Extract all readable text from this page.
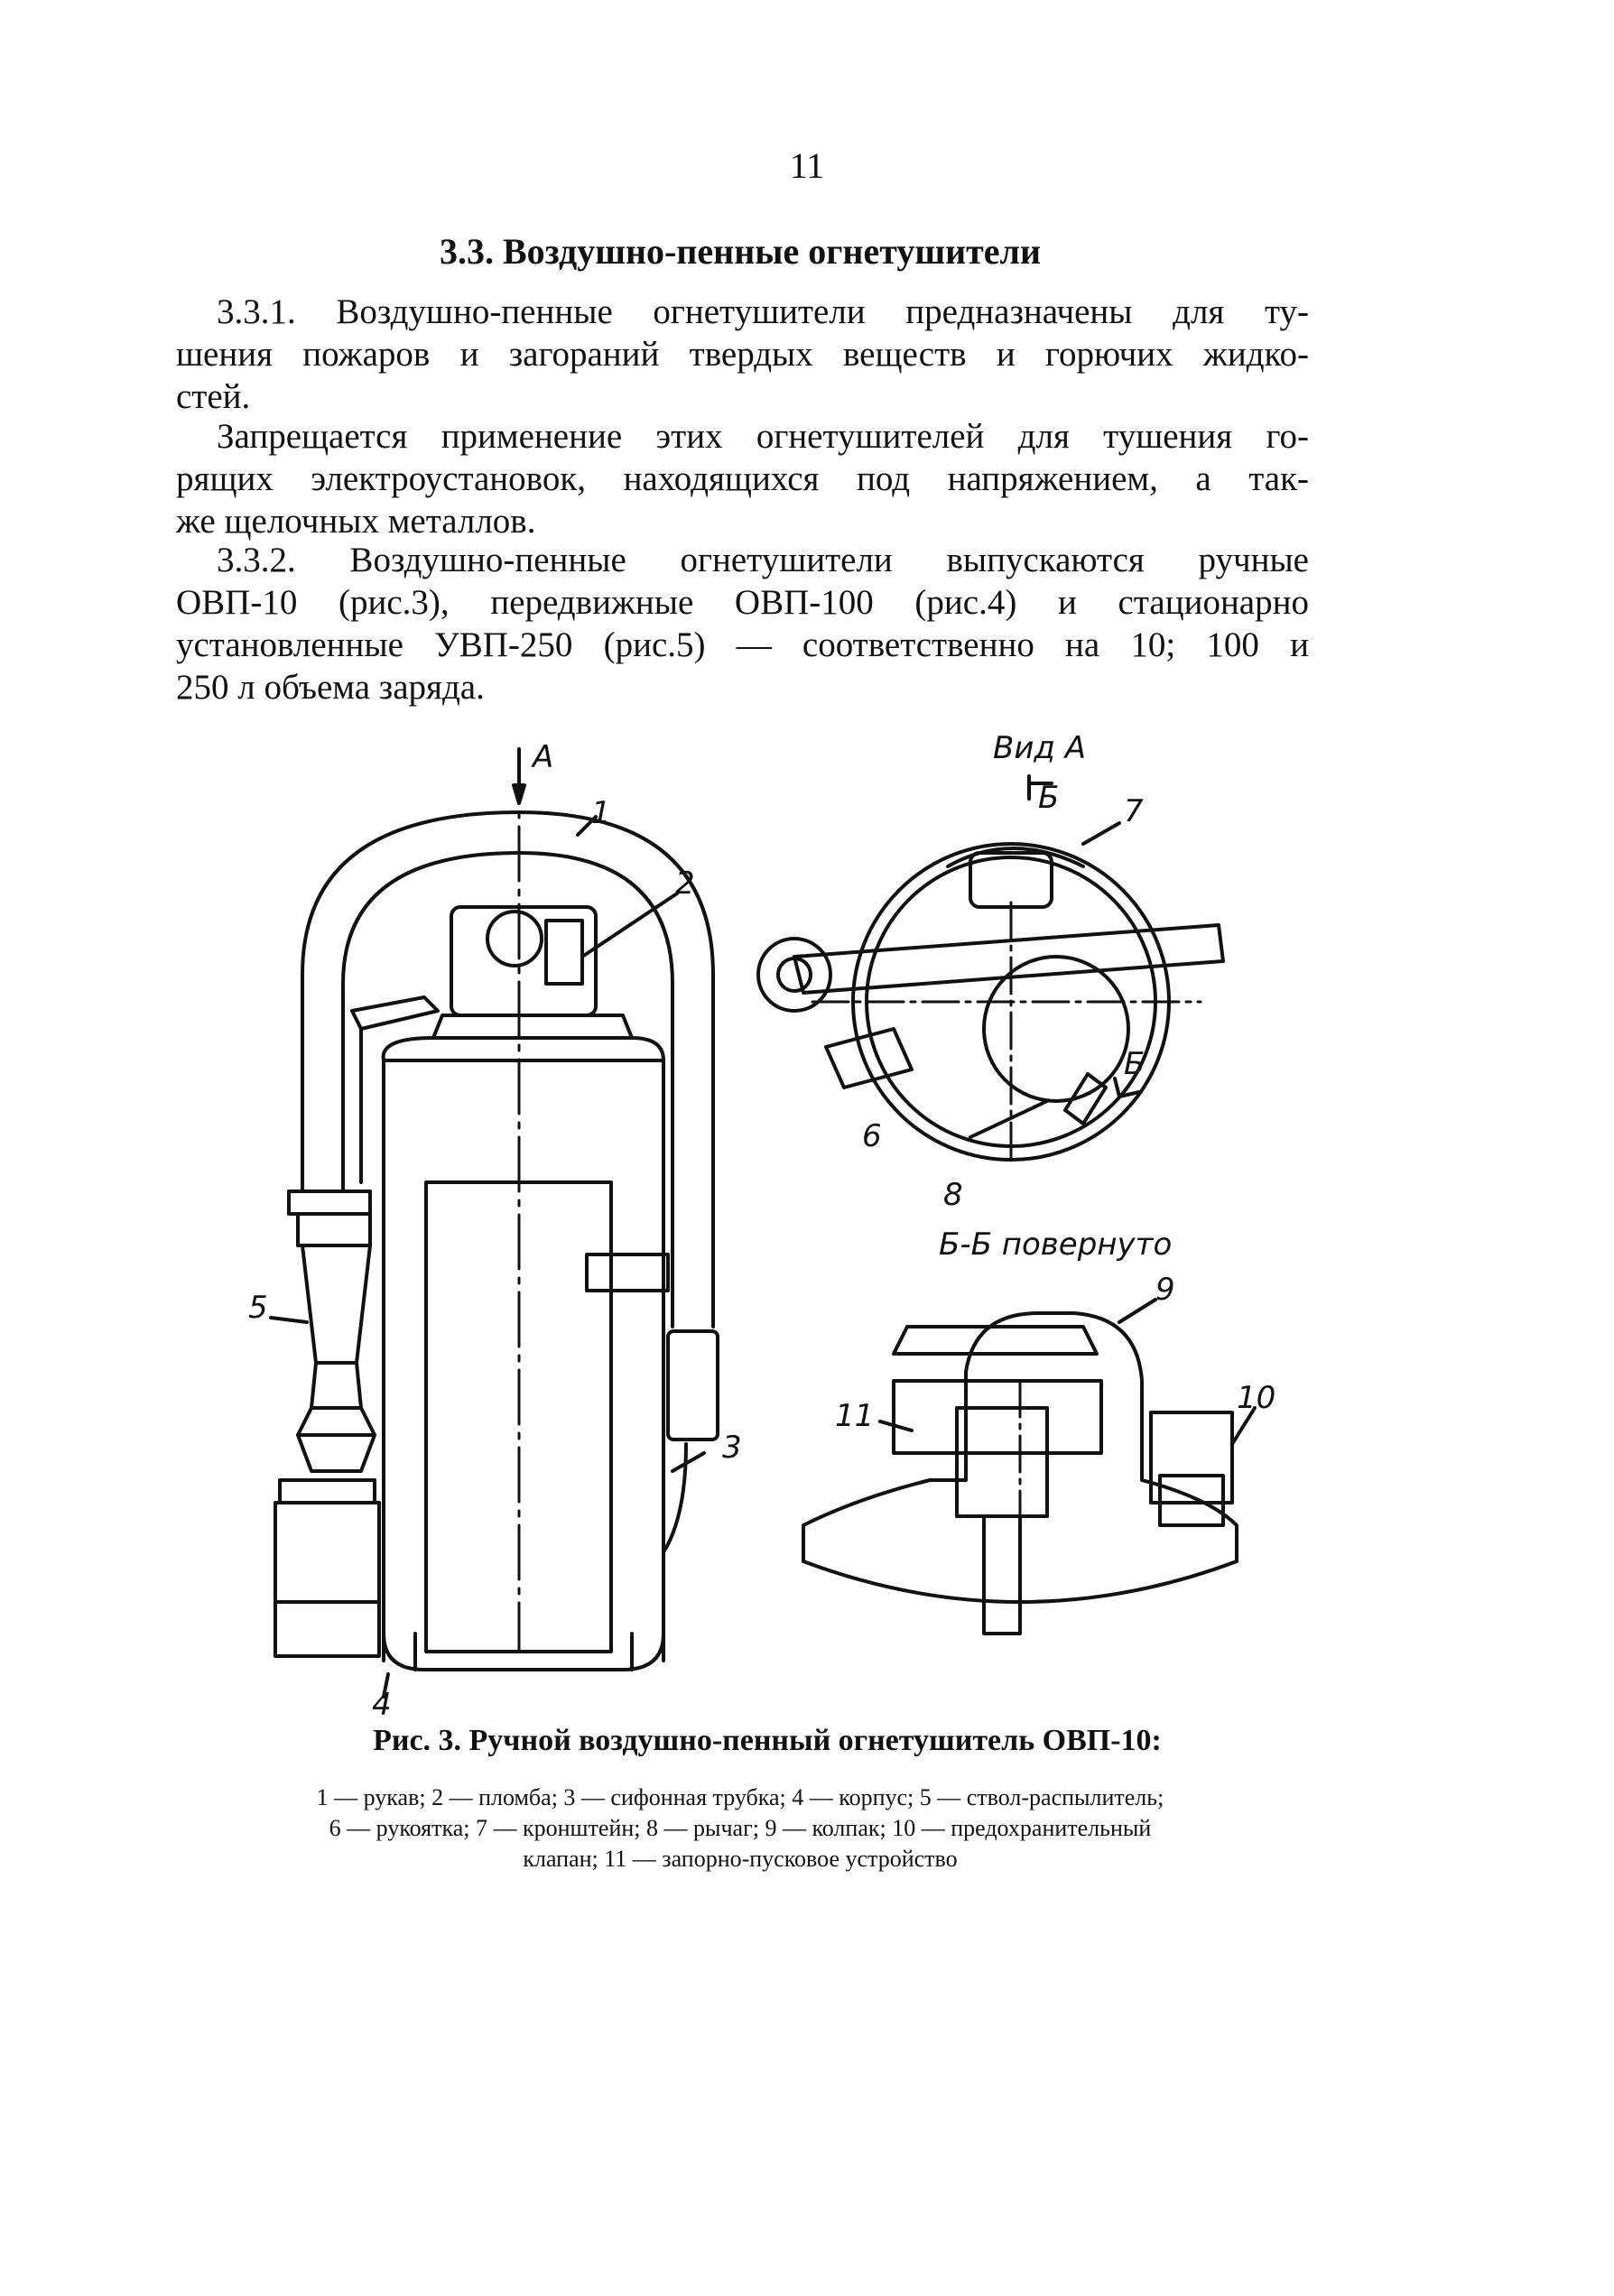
11
3.3. Воздушно-пенные огнетушители

3.3.1. Воздушно-пенные огнетушители предназначены для ту-
шения пожаров и загораний твердых веществ и горючих жидко-
стей.

Запрещается применение этих огнетушителей для тушения го-
рящих электроустановок, находящихся под напряжением, а так-
же щелочных металлов.

3.3.2. Воздушно-пенные огнетушители выпускаются ручные
ОВП-10 (рис.3), передвижные ОВП-100 (рис.4) и стационарно
установленные УВП-250 (рис.5) — соответственно на 10; 100 и
250 л объема заряда.

А
1
2
3
4
5
6
7
8
9
10
11
Б
Б
Вид А
Б-Б повернуто
Рис. 3. Ручной воздушно-пенный огнетушитель ОВП-10:
1 — рукав; 2 — пломба; 3 — сифонная трубка; 4 — корпус; 5 — ствол-распылитель;
6 — рукоятка; 7 — кронштейн; 8 — рычаг; 9 — колпак; 10 — предохранительный
клапан; 11 — запорно-пусковое устройство
